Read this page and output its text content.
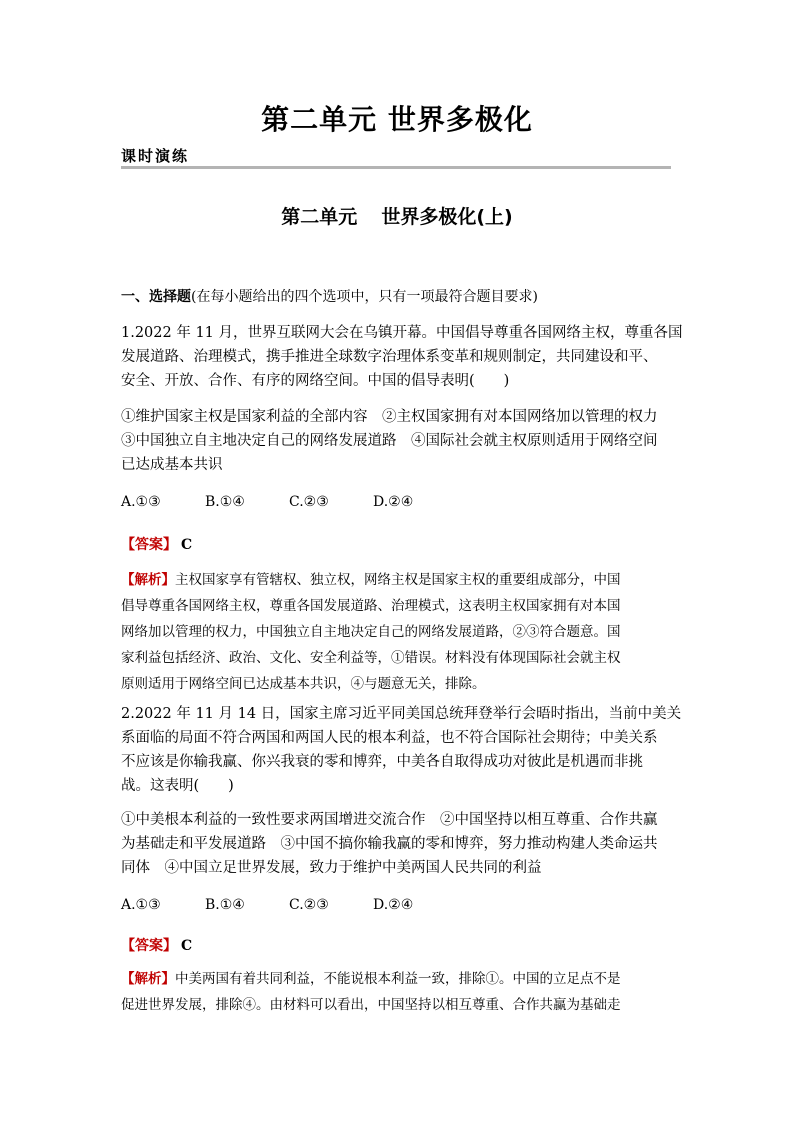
第二单元 世界多极化
课时演练
第二单元 世界多极化(上)
一、选择题(在每小题给出的四个选项中，只有一项最符合题目要求)
1.2022 年 11 月，世界互联网大会在乌镇开幕。中国倡导尊重各国网络主权，尊重各国
发展道路、治理模式，携手推进全球数字治理体系变革和规则制定，共同建设和平、
安全、开放、合作、有序的网络空间。中国的倡导表明(　　)
①维护国家主权是国家利益的全部内容　②主权国家拥有对本国网络加以管理的权力
③中国独立自主地决定自己的网络发展道路　④国际社会就主权原则适用于网络空间
已达成基本共识
A.①③	B.①④	C.②③	D.②④
【答案】 C
【解析】主权国家享有管辖权、独立权，网络主权是国家主权的重要组成部分，中国
倡导尊重各国网络主权，尊重各国发展道路、治理模式，这表明主权国家拥有对本国
网络加以管理的权力，中国独立自主地决定自己的网络发展道路，②③符合题意。国
家利益包括经济、政治、文化、安全利益等，①错误。材料没有体现国际社会就主权
原则适用于网络空间已达成基本共识，④与题意无关，排除。
2.2022 年 11 月 14 日，国家主席习近平同美国总统拜登举行会晤时指出，当前中美关
系面临的局面不符合两国和两国人民的根本利益，也不符合国际社会期待；中美关系
不应该是你输我赢、你兴我衰的零和博弈，中美各自取得成功对彼此是机遇而非挑
战。这表明(　　)
①中美根本利益的一致性要求两国增进交流合作　②中国坚持以相互尊重、合作共赢
为基础走和平发展道路　③中国不搞你输我赢的零和博弈，努力推动构建人类命运共
同体　④中国立足世界发展，致力于维护中美两国人民共同的利益
A.①③	B.①④	C.②③	D.②④
【答案】 C
【解析】中美两国有着共同利益，不能说根本利益一致，排除①。中国的立足点不是
促进世界发展，排除④。由材料可以看出，中国坚持以相互尊重、合作共赢为基础走
